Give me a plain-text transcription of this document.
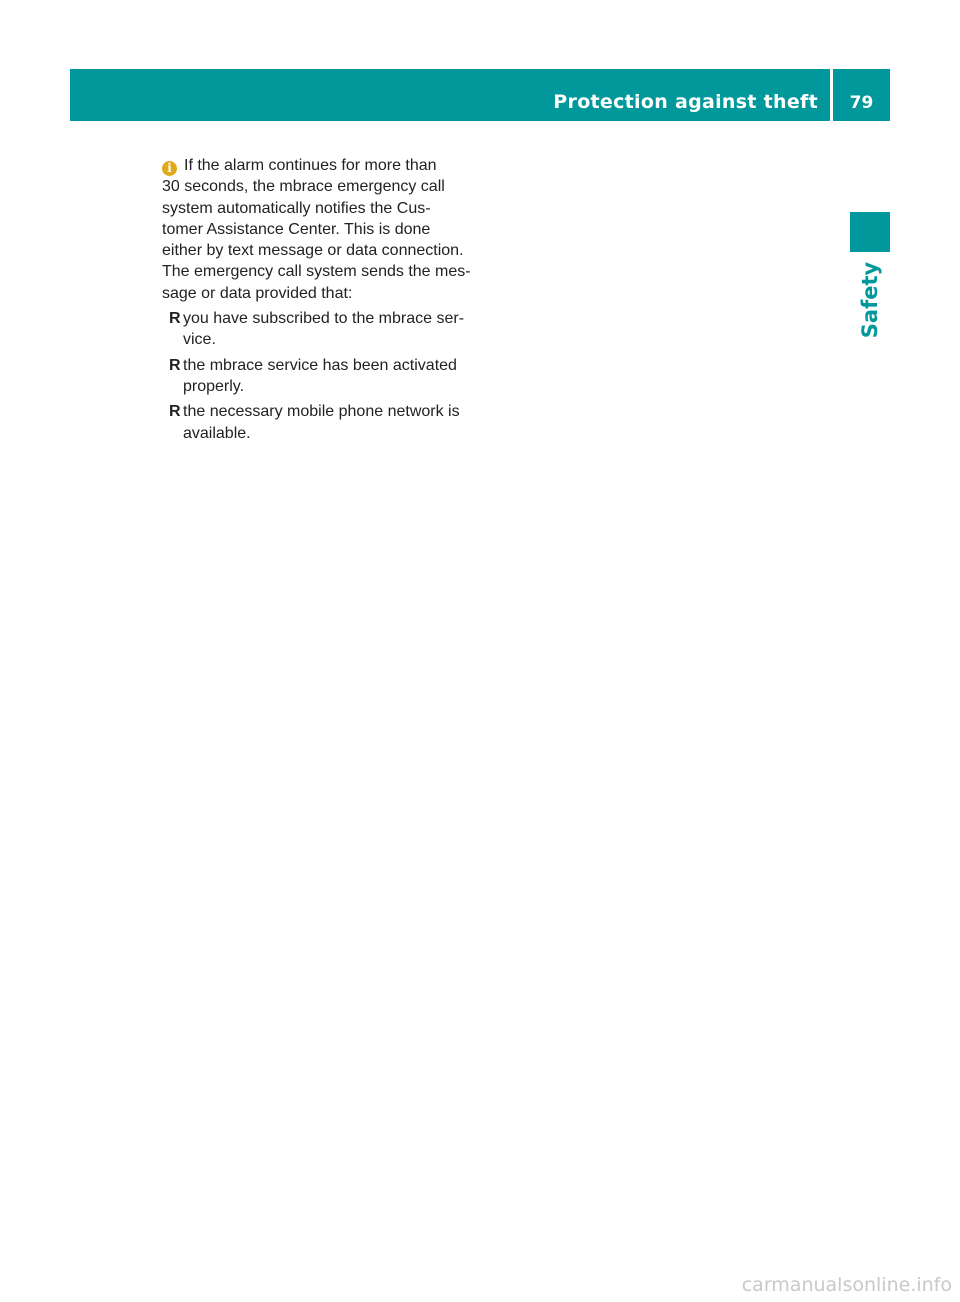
Protection against theft 79
Safety

i If the alarm continues for more than
30 seconds, the mbrace emergency call
system automatically notifies the Cus-
tomer Assistance Center. This is done
either by text message or data connection.
The emergency call system sends the mes-
sage or data provided that:

R you have subscribed to the mbrace ser-
vice.
R the mbrace service has been activated
properly.
R the necessary mobile phone network is
available.
carmanualsonline.info
